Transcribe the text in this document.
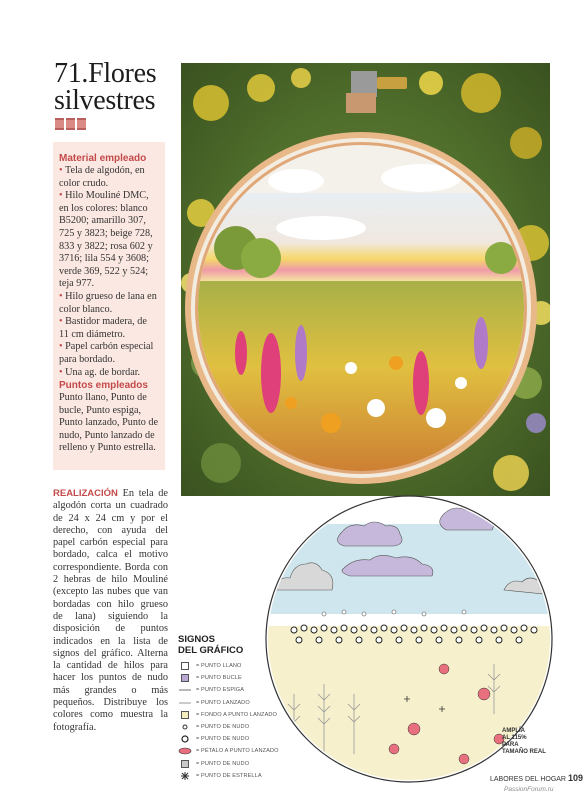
71.Flores
silvestres
Material empleado
• Tela de algodón, en color crudo.
• Hilo Mouliné DMC, en los colores: blanco B5200; amarillo 307, 725 y 3823; beige 728, 833 y 3822; rosa 602 y 3716; lila 554 y 3608; verde 369, 522 y 524; teja 977.
• Hilo grueso de lana en color blanco.
• Bastidor madera, de 11 cm diámetro.
• Papel carbón especial para bordado.
• Una ag. de bordar.
Puntos empleados
Punto llano, Punto de bucle, Punto espiga, Punto lanzado, Punto de nudo, Punto lanzado de relleno y Punto estrella.
REALIZACIÓN En tela de algodón corta un cuadrado de 24 x 24 cm y por el derecho, con ayuda del papel carbón especial para bordado, calca el motivo correspondiente. Borda con 2 hebras de hilo Mouliné (excepto las nubes que van bordadas con hilo grueso de lana) siguiendo la disposición de puntos indicados en la lista de signos del gráfico. Alterna la cantidad de hilos para hacer los puntos de nudo más grandes o más pequeños. Distribuye los colores como muestra la fotografía.
SIGNOS
DEL GRÁFICO
= PUNTO LLANO
= PUNTO BUCLE
= PUNTO ESPIGA
= PUNTO LANZADO
= FONDO A PUNTO LANZADO
= PUNTO DE NUDO
= PUNTO DE NUDO
= PÉTALO A PUNTO LANZADO
= PUNTO DE NUDO
= PUNTO DE ESTRELLA
AMPLÍA
AL 115%
PARA
TAMAÑO REAL
LABORES DEL HOGAR 109
PassionForum.ru
